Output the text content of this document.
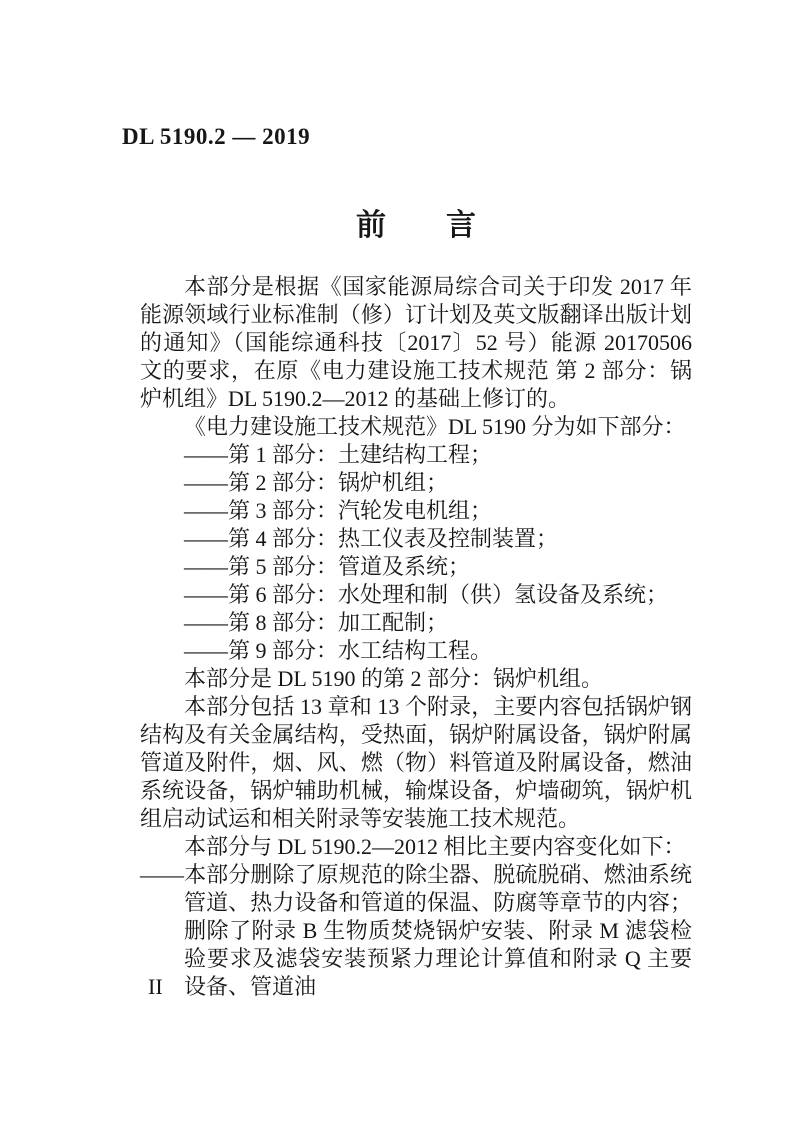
DL 5190.2 — 2019
前　　言

本部分是根据《国家能源局综合司关于印发 2017 年能源领域行业标准制（修）订计划及英文版翻译出版计划的通知》（国能综通科技〔2017〕52 号）能源 20170506 文的要求，在原《电力建设施工技术规范 第 2 部分：锅炉机组》DL 5190.2—2012 的基础上修订的。

《电力建设施工技术规范》DL 5190 分为如下部分：

——第 1 部分：土建结构工程；
——第 2 部分：锅炉机组；
——第 3 部分：汽轮发电机组；
——第 4 部分：热工仪表及控制装置；
——第 5 部分：管道及系统；
——第 6 部分：水处理和制（供）氢设备及系统；
——第 8 部分：加工配制；
——第 9 部分：水工结构工程。

本部分是 DL 5190 的第 2 部分：锅炉机组。

本部分包括 13 章和 13 个附录，主要内容包括锅炉钢结构及有关金属结构，受热面，锅炉附属设备，锅炉附属管道及附件，烟、风、燃（物）料管道及附属设备，燃油系统设备，锅炉辅助机械，输煤设备，炉墙砌筑，锅炉机组启动试运和相关附录等安装施工技术规范。

本部分与 DL 5190.2—2012 相比主要内容变化如下：

——本部分删除了原规范的除尘器、脱硫脱硝、燃油系统管道、热力设备和管道的保温、防腐等章节的内容；删除了附录 B 生物质焚烧锅炉安装、附录 M 滤袋检验要求及滤袋安装预紧力理论计算值和附录 Q 主要设备、管道油
II
